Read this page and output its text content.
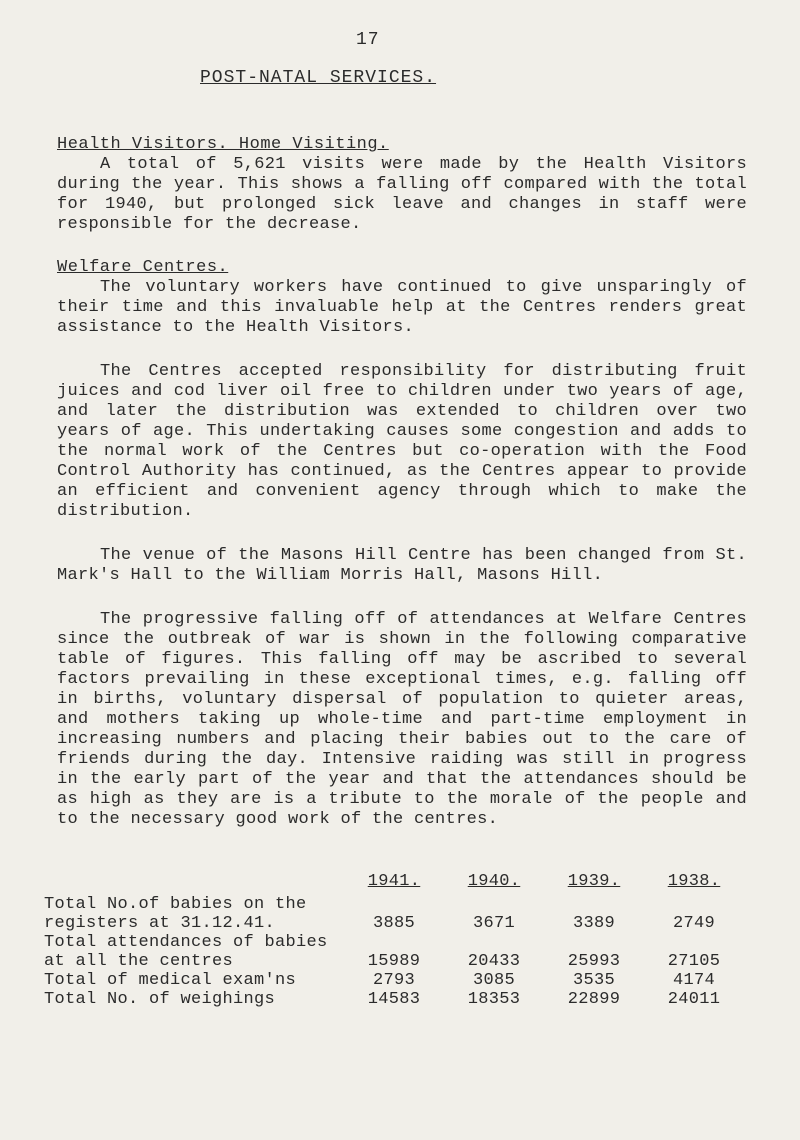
17
POST-NATAL SERVICES.
Health Visitors. Home Visiting.

A total of 5,621 visits were made by the Health Visitors during the year. This shows a falling off compared with the total for 1940, but prolonged sick leave and changes in staff were responsible for the decrease.

Welfare Centres.

The voluntary workers have continued to give unsparingly of their time and this invaluable help at the Centres renders great assistance to the Health Visitors.

The Centres accepted responsibility for distributing fruit juices and cod liver oil free to children under two years of age, and later the distribution was extended to children over two years of age. This undertaking causes some congestion and adds to the normal work of the Centres but co-operation with the Food Control Authority has continued, as the Centres appear to provide an efficient and convenient agency through which to make the distribution.

The venue of the Masons Hill Centre has been changed from St. Mark's Hall to the William Morris Hall, Masons Hill.

The progressive falling off of attendances at Welfare Centres since the outbreak of war is shown in the following comparative table of figures. This falling off may be ascribed to several factors prevailing in these exceptional times, e.g. falling off in births, voluntary dispersal of population to quieter areas, and mothers taking up whole-time and part-time employment in increasing numbers and placing their babies out to the care of friends during the day. Intensive raiding was still in progress in the early part of the year and that the attendances should be as high as they are is a tribute to the morale of the people and to the necessary good work of the centres.

	1941.	1940.	1939.	1938.
Total No.of babies on the registers at 31.12.41.	3885	3671	3389	2749
Total attendances of babies at all the centres	15989	20433	25993	27105
Total of medical exam'ns	2793	3085	3535	4174
Total No. of weighings	14583	18353	22899	24011
